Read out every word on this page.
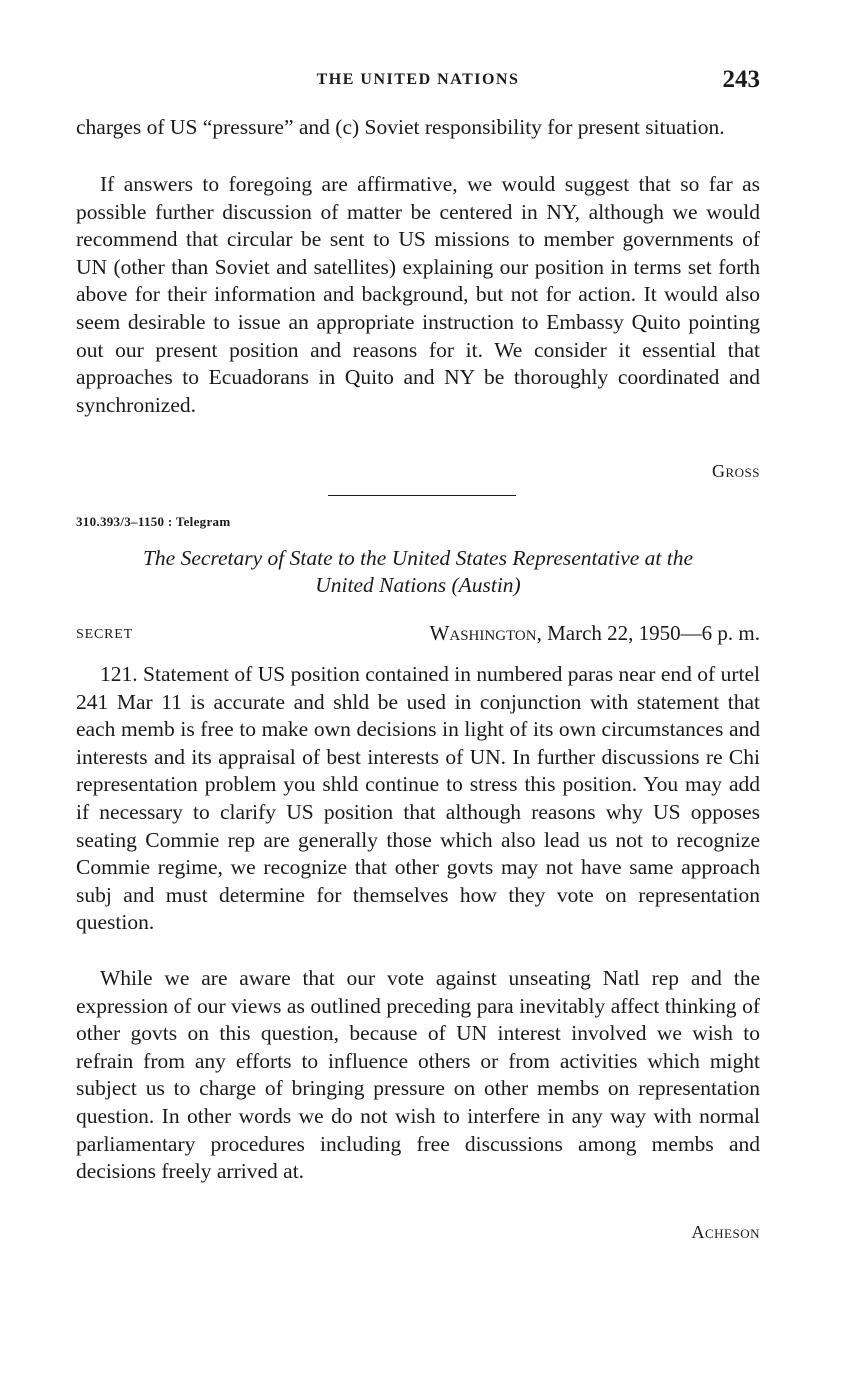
THE UNITED NATIONS	243

charges of US “pressure” and (c) Soviet responsibility for present situation.

If answers to foregoing are affirmative, we would suggest that so far as possible further discussion of matter be centered in NY, although we would recommend that circular be sent to US missions to member governments of UN (other than Soviet and satellites) explaining our position in terms set forth above for their information and background, but not for action. It would also seem desirable to issue an appropriate instruction to Embassy Quito pointing out our present position and reasons for it. We consider it essential that approaches to Ecuadorans in Quito and NY be thoroughly coordinated and synchronized.

Gross
310.393/3–1150 : Telegram
The Secretary of State to the United States Representative at the
United Nations (Austin)
SECRET	Washington, March 22, 1950—6 p. m.

121. Statement of US position contained in numbered paras near end of urtel 241 Mar 11 is accurate and shld be used in conjunction with statement that each memb is free to make own decisions in light of its own circumstances and interests and its appraisal of best interests of UN. In further discussions re Chi representation problem you shld continue to stress this position. You may add if necessary to clarify US position that although reasons why US opposes seating Commie rep are generally those which also lead us not to recognize Commie regime, we recognize that other govts may not have same approach subj and must determine for themselves how they vote on representation question.

While we are aware that our vote against unseating Natl rep and the expression of our views as outlined preceding para inevitably affect thinking of other govts on this question, because of UN interest involved we wish to refrain from any efforts to influence others or from activities which might subject us to charge of bringing pressure on other membs on representation question. In other words we do not wish to interfere in any way with normal parliamentary procedures including free discussions among membs and decisions freely arrived at.

Acheson
